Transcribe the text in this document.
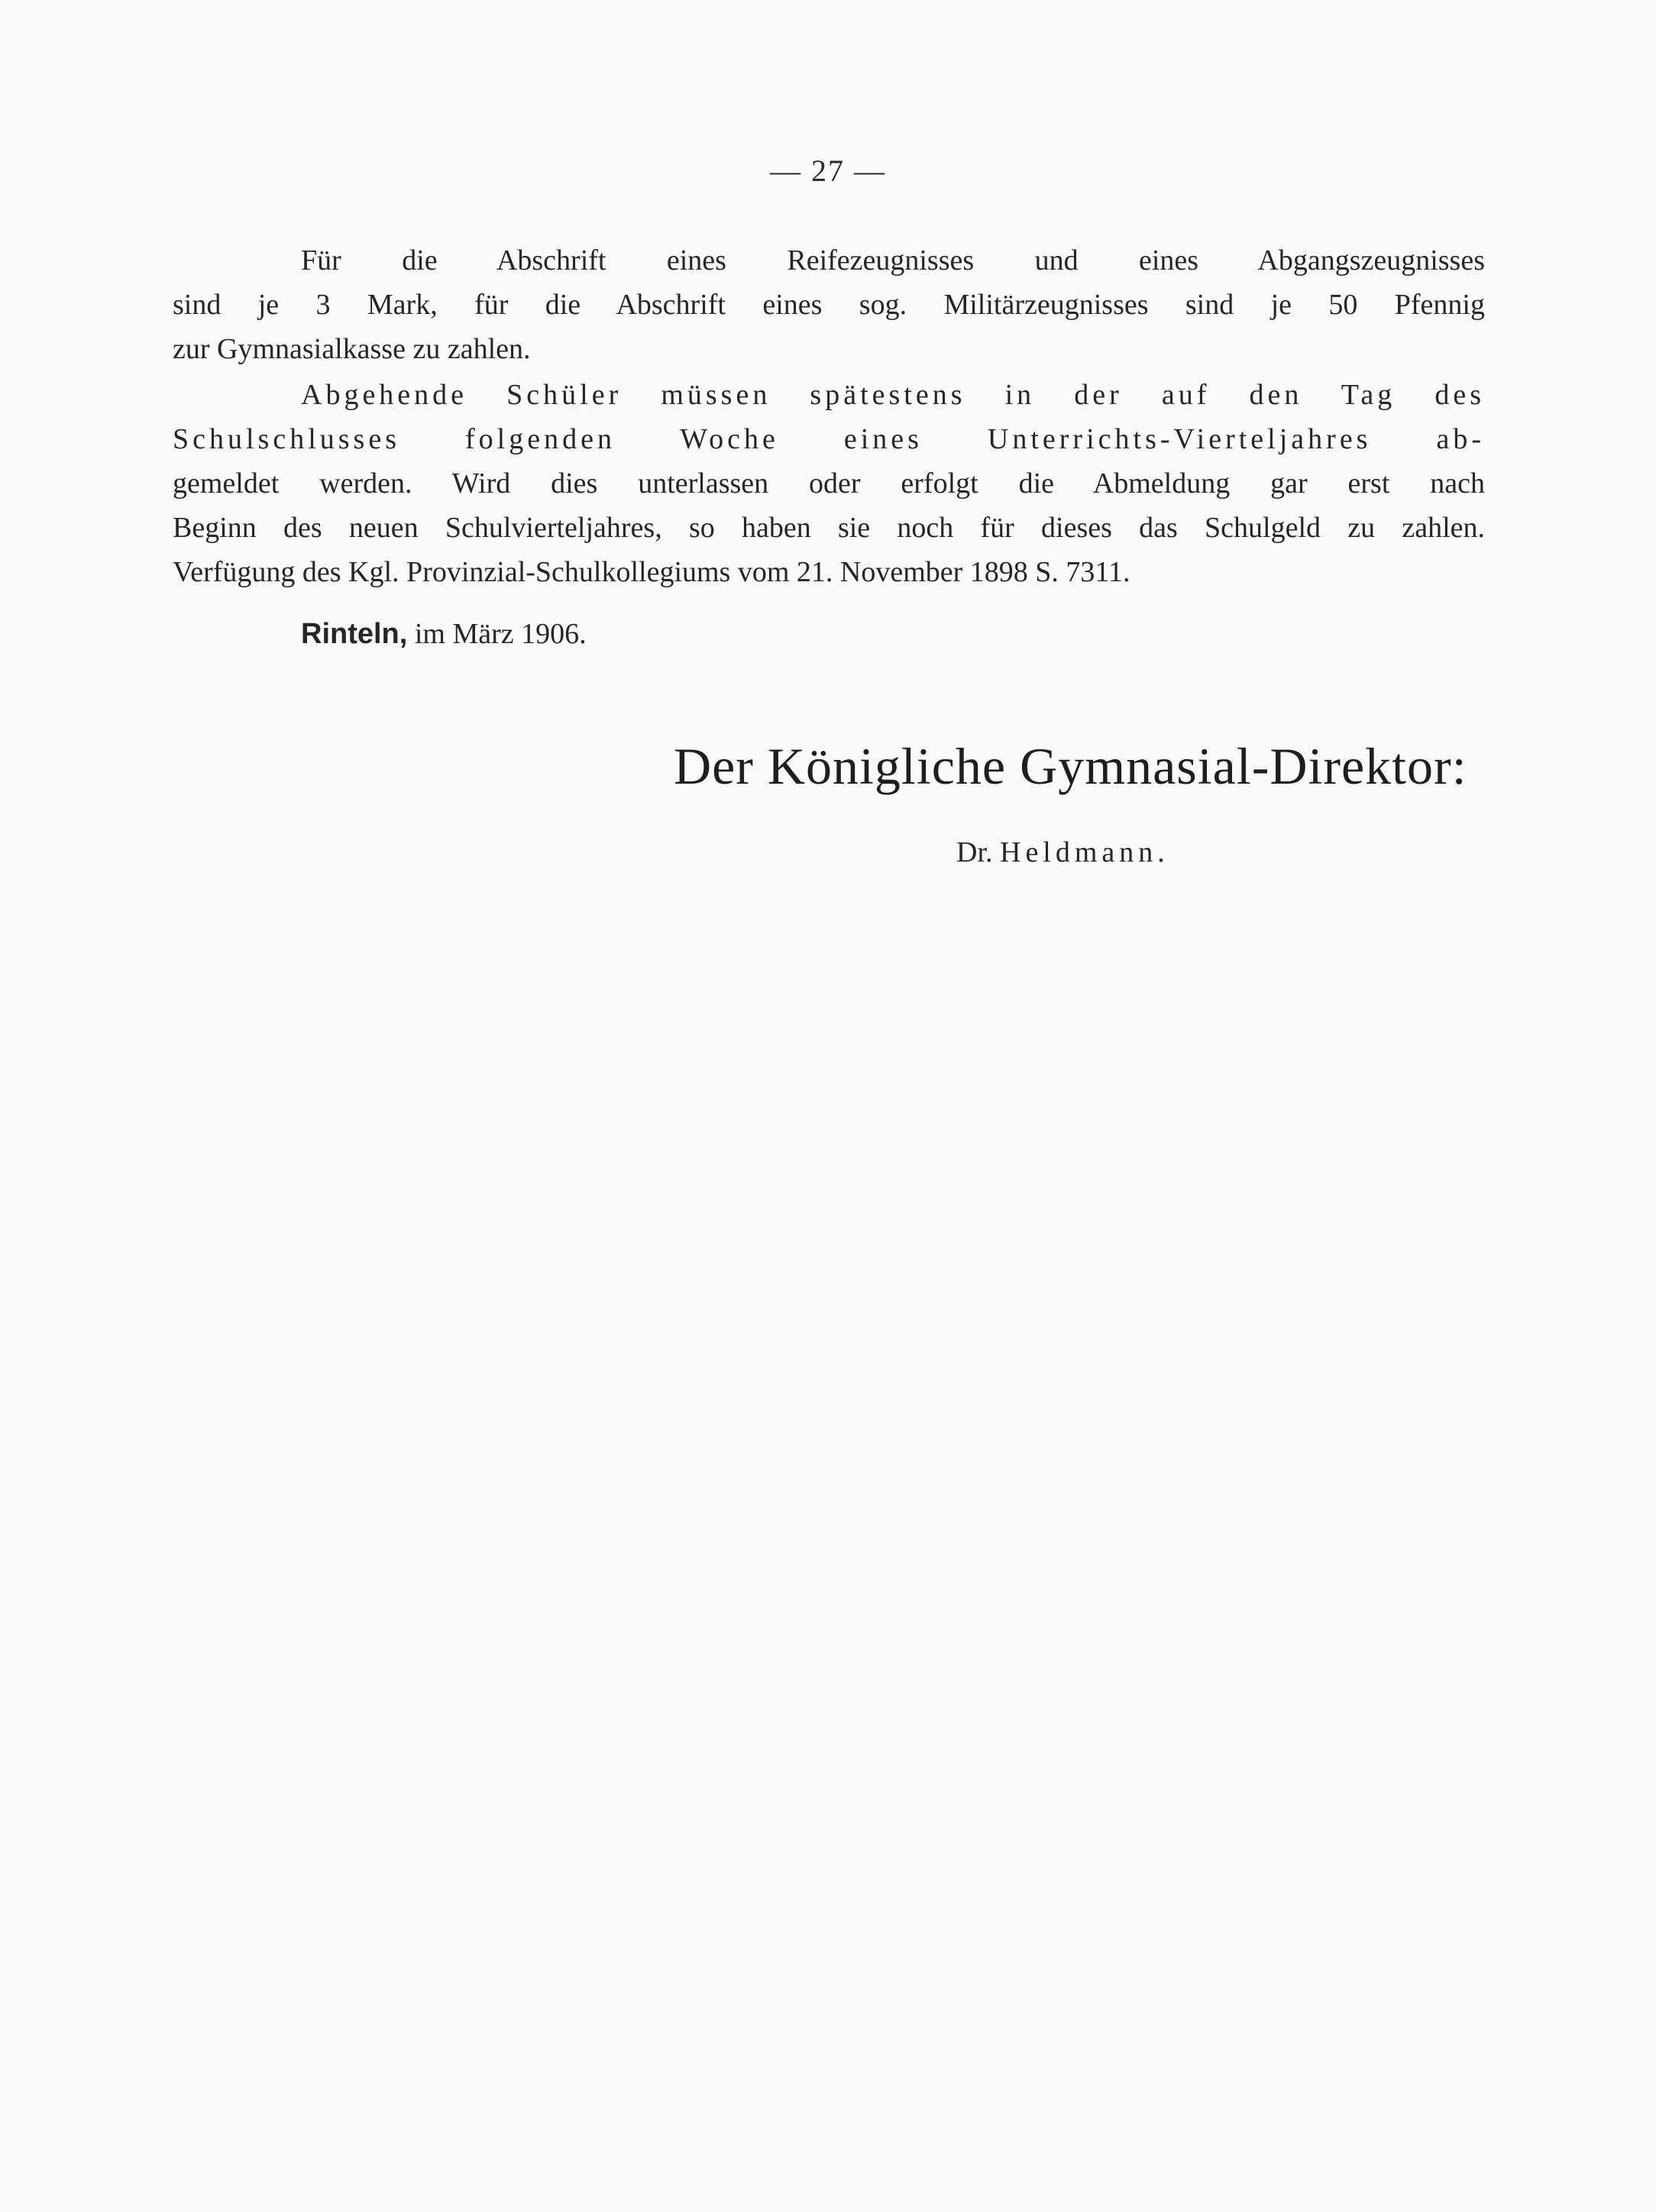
— 27 —
Für die Abschrift eines Reifezeugnisses und eines Abgangszeugnisses
sind je 3 Mark, für die Abschrift eines sog. Militärzeugnisses sind je 50 Pfennig
zur Gymnasialkasse zu zahlen.
Abgehende Schüler müssen spätestens in der auf den Tag des
Schulschlusses folgenden Woche eines Unterrichts-Vierteljahres ab-
gemeldet werden. Wird dies unterlassen oder erfolgt die Abmeldung gar erst nach
Beginn des neuen Schulvierteljahres, so haben sie noch für dieses das Schulgeld zu zahlen.
Verfügung des Kgl. Provinzial-Schulkollegiums vom 21. November 1898 S. 7311.
Rinteln, im März 1906.
Der Königliche Gymnasial-Direktor:
Dr. Heldmann.
